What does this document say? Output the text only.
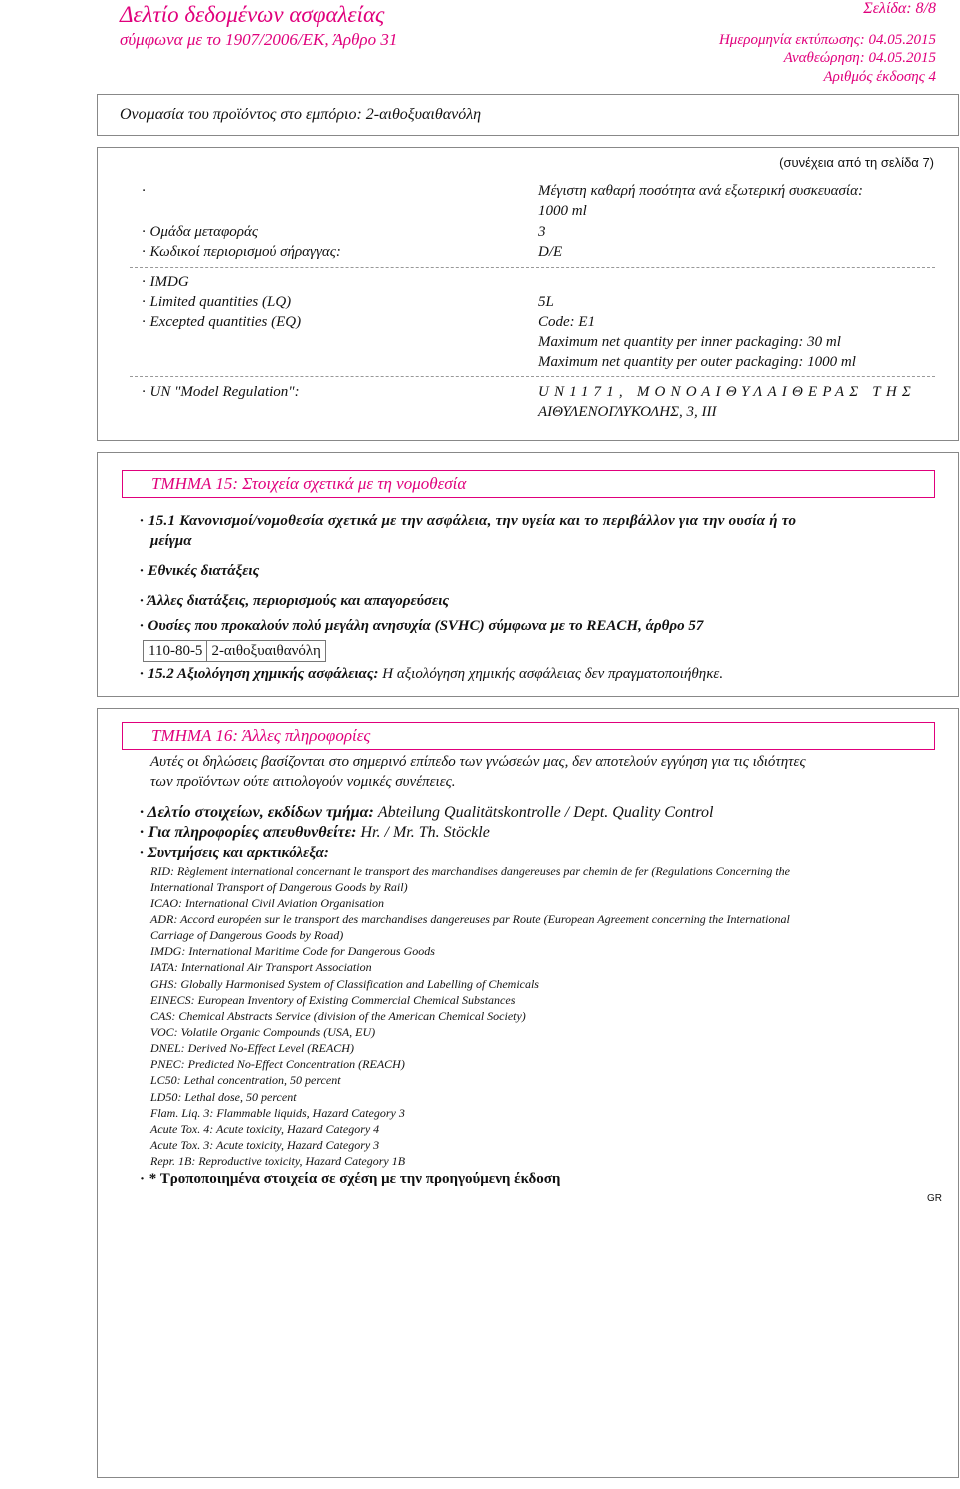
Δελτίο δεδομένων ασφαλείας
σύμφωνα με το 1907/2006/ΕΚ, Άρθρο 31
Σελίδα: 8/8
Ημερομηνία εκτύπωσης: 04.05.2015
Αναθεώρηση: 04.05.2015
Αριθμός έκδοσης 4
Ονομασία του προϊόντος στο εμπόριο: 2-αιθοξυαιθανόλη
(συνέχεια από τη σελίδα 7)
·	Μέγιστη καθαρή ποσότητα ανά εξωτερική συσκευασία:
1000 ml
· Ομάδα μεταφοράς	3
· Κωδικοί περιορισμού σήραγγας:	D/E
· IMDG
· Limited quantities (LQ)	5L
· Excepted quantities (EQ)	Code: E1
Maximum net quantity per inner packaging: 30 ml
Maximum net quantity per outer packaging: 1000 ml
· UN "Model Regulation":	UN1171, ΜΟΝΟΑΙΘΥΛΑΙΘΕΡΑΣ ΤΗΣ
ΑΙΘΥΛΕΝΟΓΛΥΚΟΛΗΣ, 3, III
ΤΜΗΜΑ 15: Στοιχεία σχετικά με τη νομοθεσία
· 15.1 Κανονισμοί/νομοθεσία σχετικά με την ασφάλεια, την υγεία και το περιβάλλον για την ουσία ή το
μείγμα
· Εθνικές διατάξεις
· Άλλες διατάξεις, περιορισμούς και απαγορεύσεις
· Ουσίες που προκαλούν πολύ μεγάλη ανησυχία (SVHC) σύμφωνα με το REACH, άρθρο 57
110-80-5	2-αιθοξυαιθανόλη
· 15.2 Αξιολόγηση χημικής ασφάλειας: Η αξιολόγηση χημικής ασφάλειας δεν πραγματοποιήθηκε.
ΤΜΗΜΑ 16: Άλλες πληροφορίες
Αυτές οι δηλώσεις βασίζονται στο σημερινό επίπεδο των γνώσεών μας, δεν αποτελούν εγγύηση για τις ιδιότητες
των προϊόντων ούτε αιτιολογούν νομικές συνέπειες.
· Δελτίο στοιχείων, εκδίδων τμήμα: Abteilung Qualitätskontrolle / Dept. Quality Control
· Για πληροφορίες απευθυνθείτε: Hr. / Mr. Th. Stöckle
· Συντμήσεις και αρκτικόλεξα:
RID: Règlement international concernant le transport des marchandises dangereuses par chemin de fer (Regulations Concerning the
International Transport of Dangerous Goods by Rail)
ICAO: International Civil Aviation Organisation
ADR: Accord européen sur le transport des marchandises dangereuses par Route (European Agreement concerning the International
Carriage of Dangerous Goods by Road)
IMDG: International Maritime Code for Dangerous Goods
IATA: International Air Transport Association
GHS: Globally Harmonised System of Classification and Labelling of Chemicals
EINECS: European Inventory of Existing Commercial Chemical Substances
CAS: Chemical Abstracts Service (division of the American Chemical Society)
VOC: Volatile Organic Compounds (USA, EU)
DNEL: Derived No-Effect Level (REACH)
PNEC: Predicted No-Effect Concentration (REACH)
LC50: Lethal concentration, 50 percent
LD50: Lethal dose, 50 percent
Flam. Liq. 3: Flammable liquids, Hazard Category 3
Acute Tox. 4: Acute toxicity, Hazard Category 4
Acute Tox. 3: Acute toxicity, Hazard Category 3
Repr. 1B: Reproductive toxicity, Hazard Category 1B
· * Τροποποιημένα στοιχεία σε σχέση με την προηγούμενη έκδοση
GR
